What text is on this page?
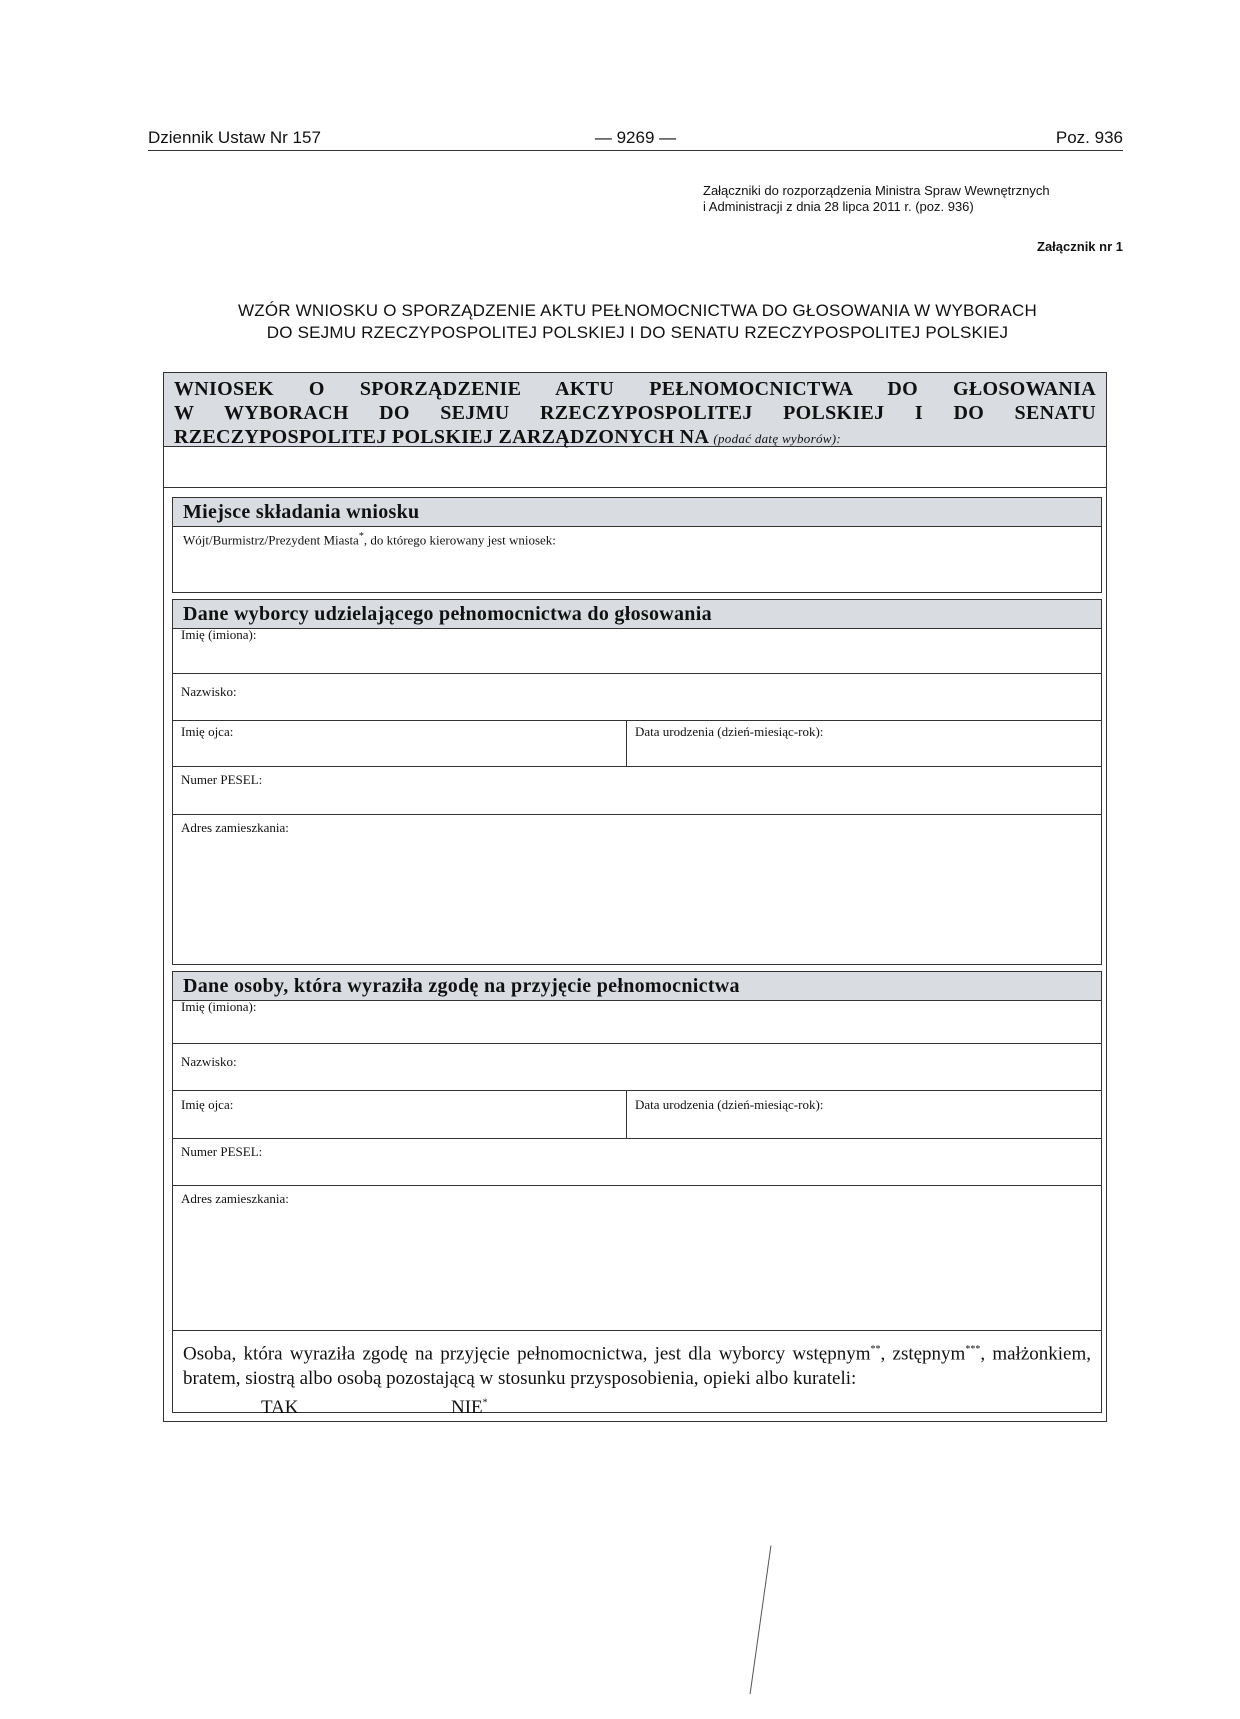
Dziennik Ustaw Nr 157	— 9269 —	Poz. 936
Załączniki do rozporządzenia Ministra Spraw Wewnętrznych
i Administracji z dnia 28 lipca 2011 r. (poz. 936)
Załącznik nr 1
WZÓR WNIOSKU O SPORZĄDZENIE AKTU PEŁNOMOCNICTWA DO GŁOSOWANIA W WYBORACH
DO SEJMU RZECZYPOSPOLITEJ POLSKIEJ I DO SENATU RZECZYPOSPOLITEJ POLSKIEJ
WNIOSEK O SPORZĄDZENIE AKTU PEŁNOMOCNICTWA DO GŁOSOWANIA
W WYBORACH DO SEJMU RZECZYPOSPOLITEJ POLSKIEJ I DO SENATU
RZECZYPOSPOLITEJ POLSKIEJ ZARZĄDZONYCH NA (podać datę wyborów):
Miejsce składania wniosku
Wójt/Burmistrz/Prezydent Miasta*, do którego kierowany jest wniosek:
Dane wyborcy udzielającego pełnomocnictwa do głosowania
Imię (imiona):
Nazwisko:
Imię ojca:	Data urodzenia (dzień-miesiąc-rok):
Numer PESEL:
Adres zamieszkania:
Dane osoby, która wyraziła zgodę na przyjęcie pełnomocnictwa
Imię (imiona):
Nazwisko:
Imię ojca:	Data urodzenia (dzień-miesiąc-rok):
Numer PESEL:
Adres zamieszkania:
Osoba, która wyraziła zgodę na przyjęcie pełnomocnictwa, jest dla wyborcy wstępnym**, zstępnym***, małżonkiem, bratem, siostrą albo osobą pozostającą w stosunku przysposobienia, opieki albo kurateli:
TAK	NIE*
